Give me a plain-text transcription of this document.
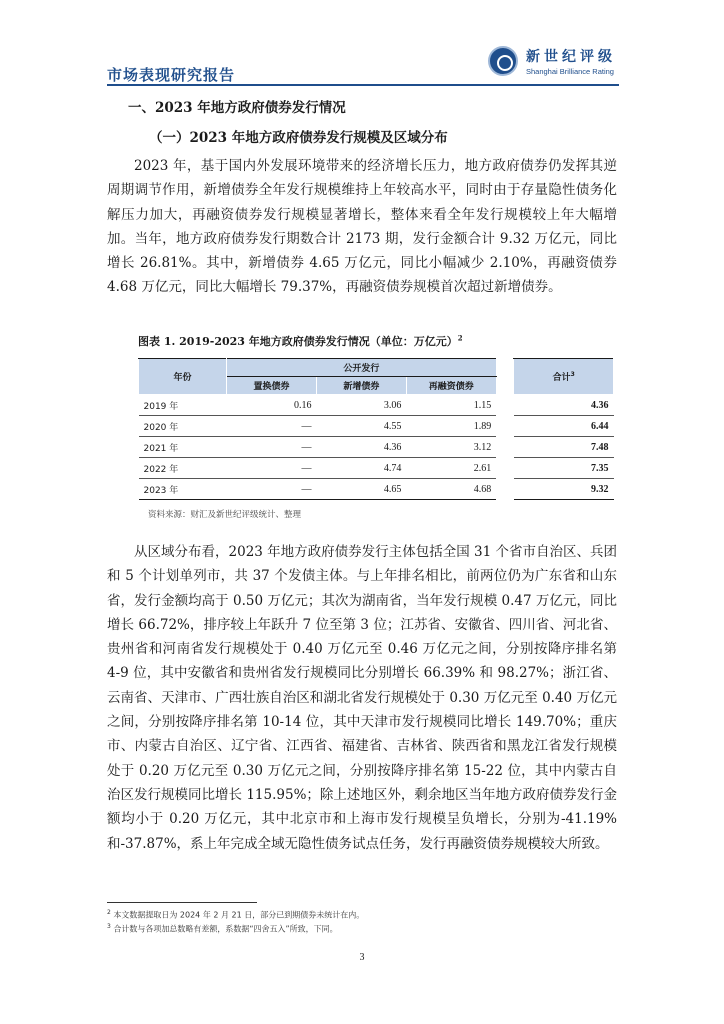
市场表现研究报告
新世纪评级
Shanghai Brilliance Rating
一、2023 年地方政府债券发行情况
（一）2023 年地方政府债券发行规模及区域分布

2023 年，基于国内外发展环境带来的经济增长压力，地方政府债券仍发挥其逆周期调节作用，新增债券全年发行规模维持上年较高水平，同时由于存量隐性债务化解压力加大，再融资债券发行规模显著增长，整体来看全年发行规模较上年大幅增加。当年，地方政府债券发行期数合计 2173 期，发行金额合计 9.32 万亿元，同比增长 26.81%。其中，新增债券 4.65 万亿元，同比小幅减少 2.10%，再融资债券 4.68 万亿元，同比大幅增长 79.37%，再融资债券规模首次超过新增债券。

图表 1. 2019-2023 年地方政府债券发行情况（单位：万亿元）$^2$
年份	公开发行				合计$^3$
	置换债券	新增债券	再融资债券		
2019 年	0.16	3.06	1.15		4.36
2020 年	—	4.55	1.89		6.44
2021 年	—	4.36	3.12		7.48
2022 年	—	4.74	2.61		7.35
2023 年	—	4.65	4.68		9.32
资料来源：财汇及新世纪评级统计、整理

从区域分布看，2023 年地方政府债券发行主体包括全国 31 个省市自治区、兵团和 5 个计划单列市，共 37 个发债主体。与上年排名相比，前两位仍为广东省和山东省，发行金额均高于 0.50 万亿元；其次为湖南省，当年发行规模 0.47 万亿元，同比增长 66.72%，排序较上年跃升 7 位至第 3 位；江苏省、安徽省、四川省、河北省、贵州省和河南省发行规模处于 0.40 万亿元至 0.46 万亿元之间，分别按降序排名第 4-9 位，其中安徽省和贵州省发行规模同比分别增长 66.39% 和 98.27%；浙江省、云南省、天津市、广西壮族自治区和湖北省发行规模处于 0.30 万亿元至 0.40 万亿元之间，分别按降序排名第 10-14 位，其中天津市发行规模同比增长 149.70%；重庆市、内蒙古自治区、辽宁省、江西省、福建省、吉林省、陕西省和黑龙江省发行规模处于 0.20 万亿元至 0.30 万亿元之间，分别按降序排名第 15-22 位，其中内蒙古自治区发行规模同比增长 115.95%；除上述地区外，剩余地区当年地方政府债券发行金额均小于 0.20 万亿元，其中北京市和上海市发行规模呈负增长，分别为-41.19%和-37.87%，系上年完成全域无隐性债务试点任务，发行再融资债券规模较大所致。

$^2$ 本文数据提取日为 2024 年 2 月 21 日，部分已到期债券未统计在内。
$^3$ 合计数与各项加总数略有差额，系数据“四舍五入”所致，下同。
3
